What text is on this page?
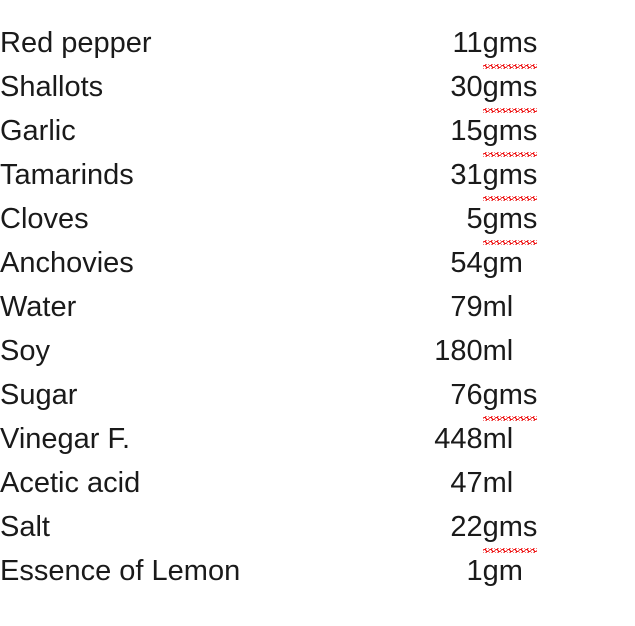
Red pepper	11	gms
Shallots	30	gms
Garlic	15	gms
Tamarinds	31	gms
Cloves	5	gms
Anchovies	54	gm
Water	79	ml
Soy	180	ml
Sugar	76	gms
Vinegar F.	448	ml
Acetic acid	47	ml
Salt	22	gms
Essence of Lemon	1	gm
